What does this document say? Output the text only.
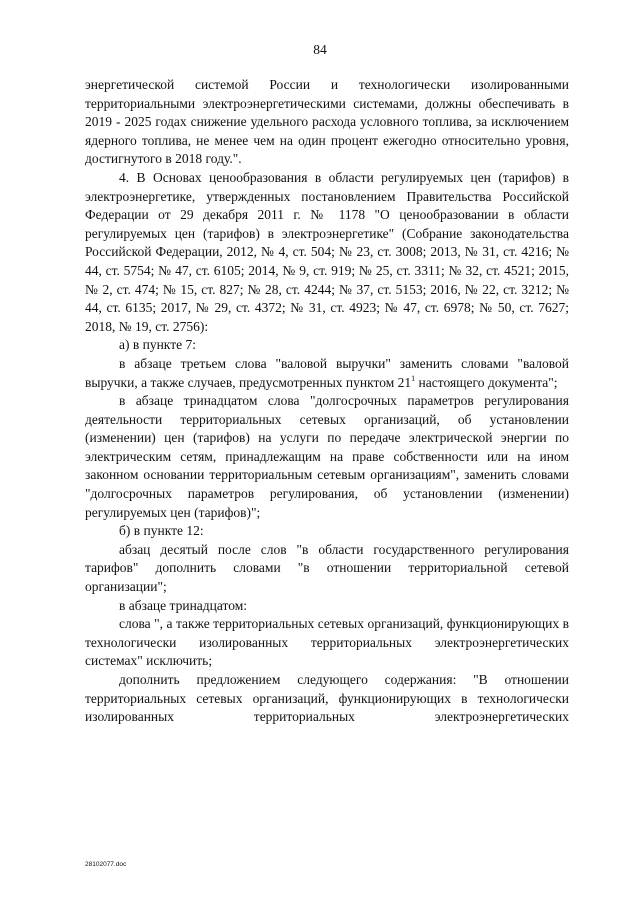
84

энергетической системой России и технологически изолированными территориальными электроэнергетическими системами, должны обеспечивать в 2019 - 2025 годах снижение удельного расхода условного топлива, за исключением ядерного топлива, не менее чем на один процент ежегодно относительно уровня, достигнутого в 2018 году.".

4. В Основах ценообразования в области регулируемых цен (тарифов) в электроэнергетике, утвержденных постановлением Правительства Российской Федерации от 29 декабря 2011 г. № 1178 "О ценообразовании в области регулируемых цен (тарифов) в электроэнергетике" (Собрание законодательства Российской Федерации, 2012, № 4, ст. 504; № 23, ст. 3008; 2013, № 31, ст. 4216; № 44, ст. 5754; № 47, ст. 6105; 2014, № 9, ст. 919; № 25, ст. 3311; № 32, ст. 4521; 2015, № 2, ст. 474; № 15, ст. 827; № 28, ст. 4244; № 37, ст. 5153; 2016, № 22, ст. 3212; № 44, ст. 6135; 2017, № 29, ст. 4372; № 31, ст. 4923; № 47, ст. 6978; № 50, ст. 7627; 2018, № 19, ст. 2756):

а) в пункте 7:

в абзаце третьем слова "валовой выручки" заменить словами "валовой выручки, а также случаев, предусмотренных пунктом $21^1$ настоящего документа";

в абзаце тринадцатом слова "долгосрочных параметров регулирования деятельности территориальных сетевых организаций, об установлении (изменении) цен (тарифов) на услуги по передаче электрической энергии по электрическим сетям, принадлежащим на праве собственности или на ином законном основании территориальным сетевым организациям", заменить словами "долгосрочных параметров регулирования, об установлении (изменении) регулируемых цен (тарифов)";

б) в пункте 12:

абзац десятый после слов "в области государственного регулирования тарифов" дополнить словами "в отношении территориальной сетевой организации";

в абзаце тринадцатом:

слова ", а также территориальных сетевых организаций, функционирующих в технологически изолированных территориальных электроэнергетических системах" исключить;

дополнить предложением следующего содержания: "В отношении территориальных сетевых организаций, функционирующих в технологически изолированных территориальных электроэнергетических

28102077.doc
